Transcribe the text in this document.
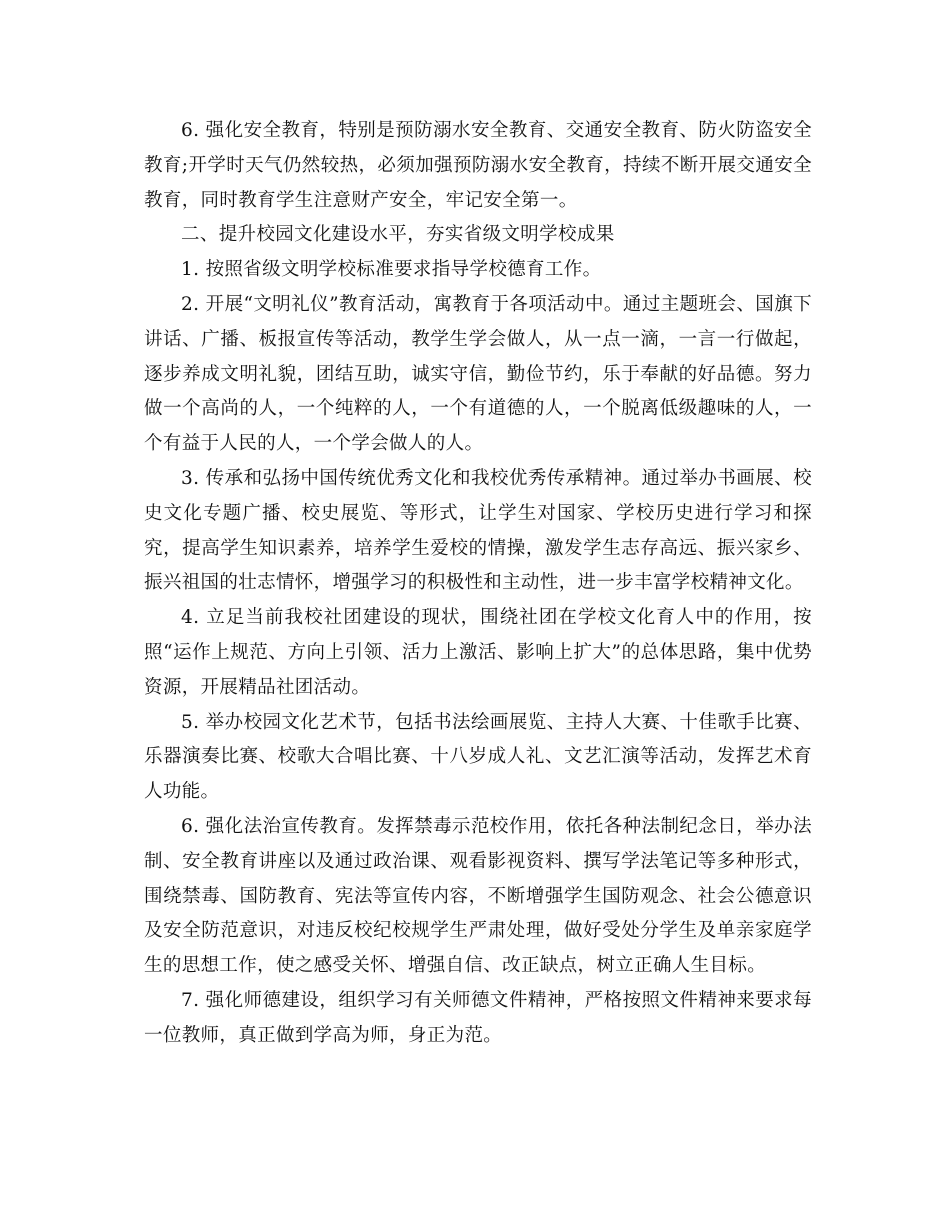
6. 强化安全教育，特别是预防溺水安全教育、交通安全教育、防火防盗安全教育;开学时天气仍然较热，必须加强预防溺水安全教育，持续不断开展交通安全教育，同时教育学生注意财产安全，牢记安全第一。

二、提升校园文化建设水平，夯实省级文明学校成果

1. 按照省级文明学校标准要求指导学校德育工作。

2. 开展“文明礼仪”教育活动，寓教育于各项活动中。通过主题班会、国旗下讲话、广播、板报宣传等活动，教学生学会做人，从一点一滴，一言一行做起，逐步养成文明礼貌，团结互助，诚实守信，勤俭节约，乐于奉献的好品德。努力做一个高尚的人，一个纯粹的人，一个有道德的人，一个脱离低级趣味的人，一个有益于人民的人，一个学会做人的人。

3. 传承和弘扬中国传统优秀文化和我校优秀传承精神。通过举办书画展、校史文化专题广播、校史展览、等形式，让学生对国家、学校历史进行学习和探究，提高学生知识素养，培养学生爱校的情操，激发学生志存高远、振兴家乡、振兴祖国的壮志情怀，增强学习的积极性和主动性，进一步丰富学校精神文化。

4. 立足当前我校社团建设的现状，围绕社团在学校文化育人中的作用，按照“运作上规范、方向上引领、活力上激活、影响上扩大”的总体思路，集中优势资源，开展精品社团活动。

5. 举办校园文化艺术节，包括书法绘画展览、主持人大赛、十佳歌手比赛、乐器演奏比赛、校歌大合唱比赛、十八岁成人礼、文艺汇演等活动，发挥艺术育人功能。

6. 强化法治宣传教育。发挥禁毒示范校作用，依托各种法制纪念日，举办法制、安全教育讲座以及通过政治课、观看影视资料、撰写学法笔记等多种形式，围绕禁毒、国防教育、宪法等宣传内容，不断增强学生国防观念、社会公德意识及安全防范意识，对违反校纪校规学生严肃处理，做好受处分学生及单亲家庭学生的思想工作，使之感受关怀、增强自信、改正缺点，树立正确人生目标。

7. 强化师德建设，组织学习有关师德文件精神，严格按照文件精神来要求每一位教师，真正做到学高为师，身正为范。
